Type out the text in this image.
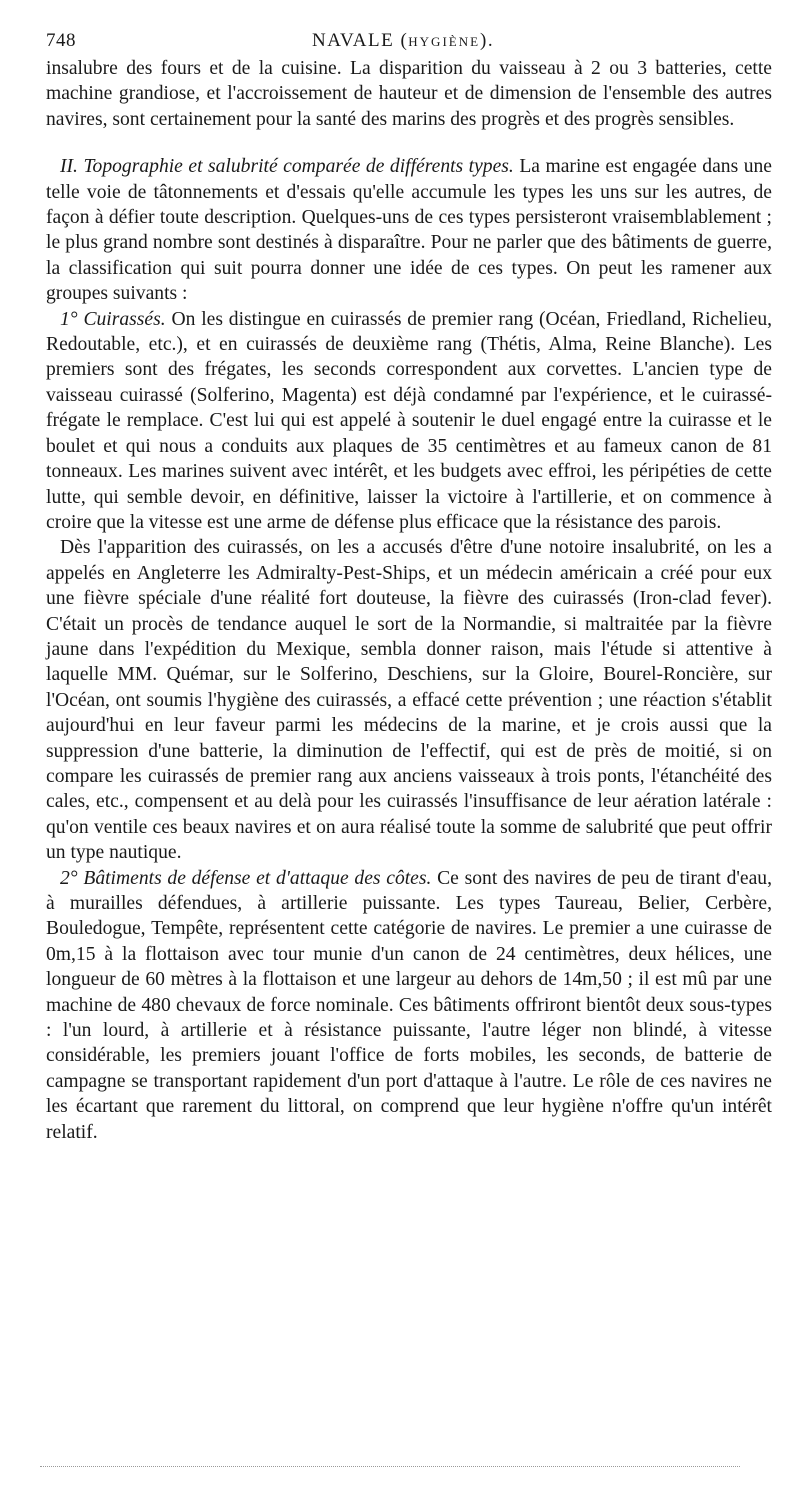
748	NAVALE (HYGIÈNE).

insalubre des fours et de la cuisine. La disparition du vaisseau à 2 ou 3 batteries, cette machine grandiose, et l'accroissement de hauteur et de dimension de l'ensemble des autres navires, sont certainement pour la santé des marins des progrès et des progrès sensibles.

II. Topographie et salubrité comparée de différents types. La marine est engagée dans une telle voie de tâtonnements et d'essais qu'elle accumule les types les uns sur les autres, de façon à défier toute description. Quelques-uns de ces types persisteront vraisemblablement ; le plus grand nombre sont destinés à disparaître. Pour ne parler que des bâtiments de guerre, la classification qui suit pourra donner une idée de ces types. On peut les ramener aux groupes suivants :

1° Cuirassés. On les distingue en cuirassés de premier rang (Océan, Friedland, Richelieu, Redoutable, etc.), et en cuirassés de deuxième rang (Thétis, Alma, Reine Blanche). Les premiers sont des frégates, les seconds correspondent aux corvettes. L'ancien type de vaisseau cuirassé (Solferino, Magenta) est déjà condamné par l'expérience, et le cuirassé-frégate le remplace. C'est lui qui est appelé à soutenir le duel engagé entre la cuirasse et le boulet et qui nous a conduits aux plaques de 35 centimètres et au fameux canon de 81 tonneaux. Les marines suivent avec intérêt, et les budgets avec effroi, les péripéties de cette lutte, qui semble devoir, en définitive, laisser la victoire à l'artillerie, et on commence à croire que la vitesse est une arme de défense plus efficace que la résistance des parois.

Dès l'apparition des cuirassés, on les a accusés d'être d'une notoire insalubrité, on les a appelés en Angleterre les Admiralty-Pest-Ships, et un médecin américain a créé pour eux une fièvre spéciale d'une réalité fort douteuse, la fièvre des cuirassés (Iron-clad fever). C'était un procès de tendance auquel le sort de la Normandie, si maltraitée par la fièvre jaune dans l'expédition du Mexique, sembla donner raison, mais l'étude si attentive à laquelle MM. Quémar, sur le Solferino, Deschiens, sur la Gloire, Bourel-Roncière, sur l'Océan, ont soumis l'hygiène des cuirassés, a effacé cette prévention ; une réaction s'établit aujourd'hui en leur faveur parmi les médecins de la marine, et je crois aussi que la suppression d'une batterie, la diminution de l'effectif, qui est de près de moitié, si on compare les cuirassés de premier rang aux anciens vaisseaux à trois ponts, l'étanchéité des cales, etc., compensent et au delà pour les cuirassés l'insuffisance de leur aération latérale : qu'on ventile ces beaux navires et on aura réalisé toute la somme de salubrité que peut offrir un type nautique.

2° Bâtiments de défense et d'attaque des côtes. Ce sont des navires de peu de tirant d'eau, à murailles défendues, à artillerie puissante. Les types Taureau, Belier, Cerbère, Bouledogue, Tempête, représentent cette catégorie de navires. Le premier a une cuirasse de 0m,15 à la flottaison avec tour munie d'un canon de 24 centimètres, deux hélices, une longueur de 60 mètres à la flottaison et une largeur au dehors de 14m,50 ; il est mû par une machine de 480 chevaux de force nominale. Ces bâtiments offriront bientôt deux sous-types : l'un lourd, à artillerie et à résistance puissante, l'autre léger non blindé, à vitesse considérable, les premiers jouant l'office de forts mobiles, les seconds, de batterie de campagne se transportant rapidement d'un port d'attaque à l'autre. Le rôle de ces navires ne les écartant que rarement du littoral, on comprend que leur hygiène n'offre qu'un intérêt relatif.
